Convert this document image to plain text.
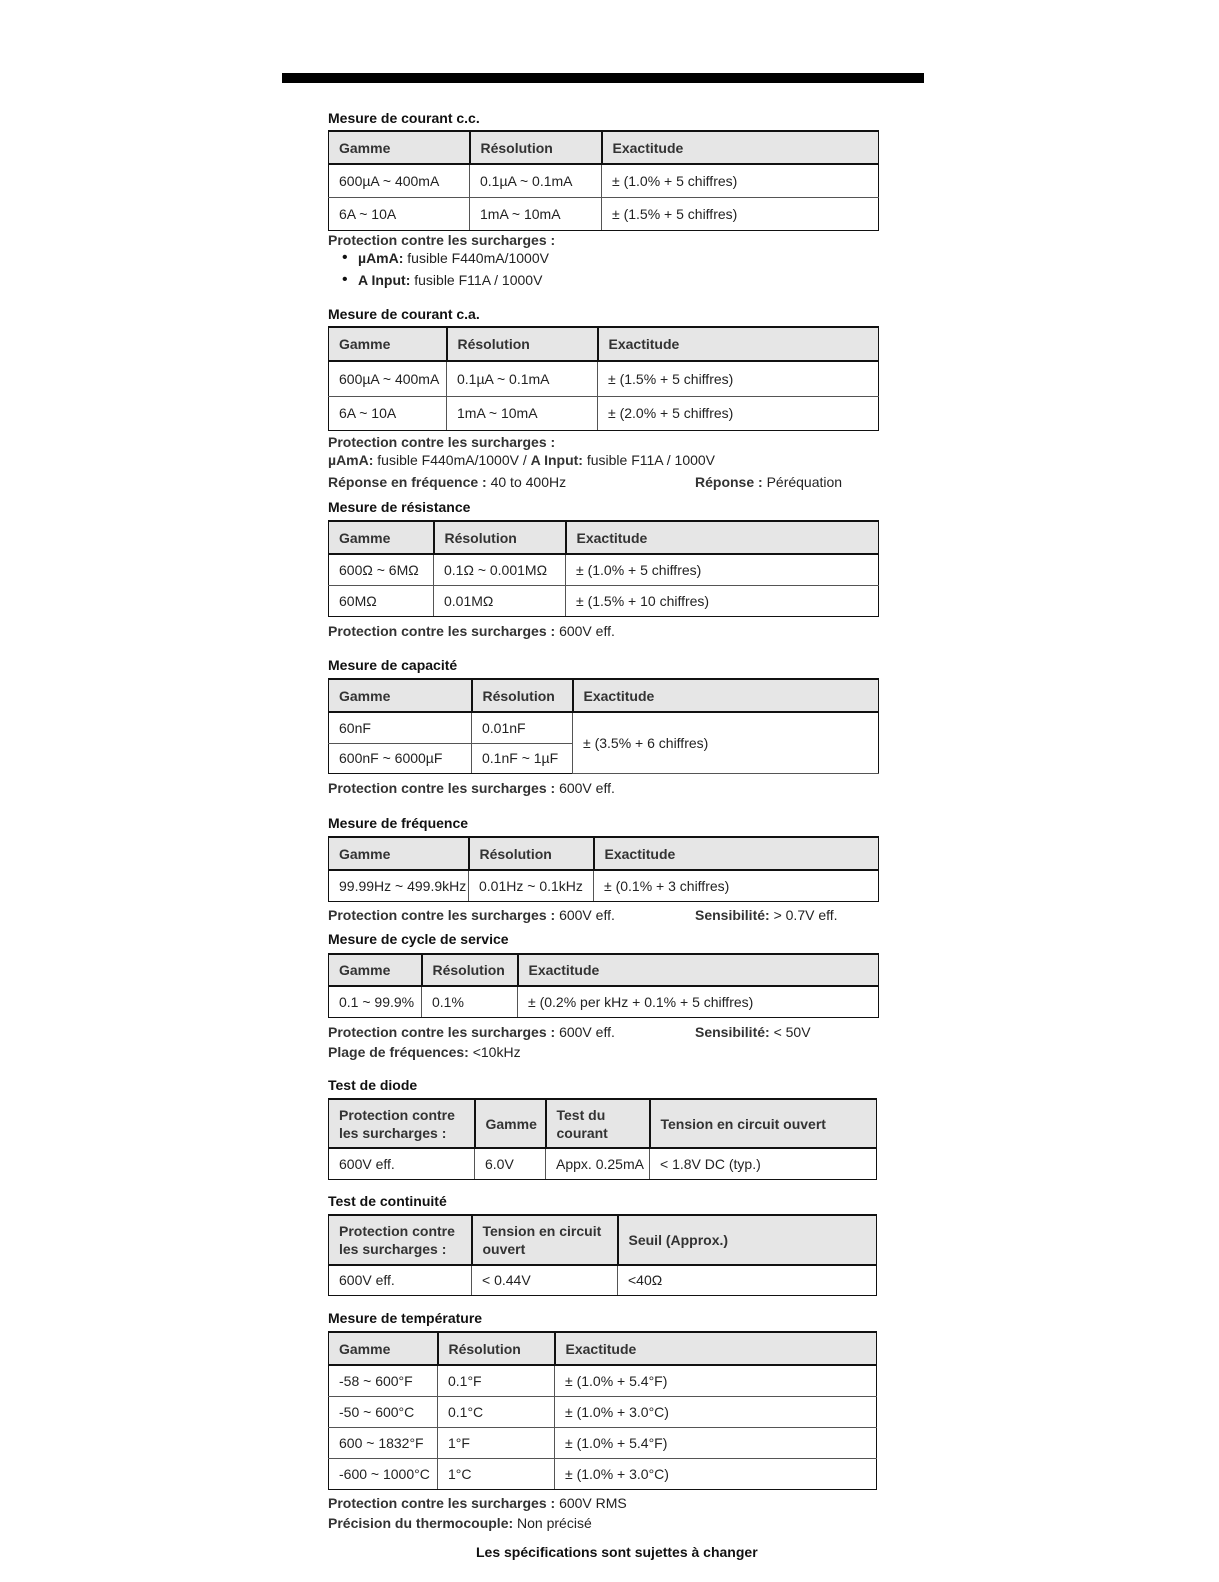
Mesure de courant c.c.
Gamme	Résolution	Exactitude
600µA ~ 400mA	0.1µA ~ 0.1mA	± (1.0% + 5 chiffres)
6A ~ 10A	1mA ~ 10mA	± (1.5% + 5 chiffres)
Protection contre les surcharges :
• µAmA: fusible F440mA/1000V
• A Input: fusible F11A / 1000V
Mesure de courant c.a.
Gamme	Résolution	Exactitude
600µA ~ 400mA	0.1µA ~ 0.1mA	± (1.5% + 5 chiffres)
6A ~ 10A	1mA ~ 10mA	± (2.0% + 5 chiffres)
Protection contre les surcharges :
µAmA: fusible F440mA/1000V / A Input: fusible F11A / 1000V
Réponse en fréquence : 40 to 400Hz	Réponse : Péréquation
Mesure de résistance
Gamme	Résolution	Exactitude
600Ω ~ 6MΩ	0.1Ω ~ 0.001MΩ	± (1.0% + 5 chiffres)
60MΩ	0.01MΩ	± (1.5% + 10 chiffres)
Protection contre les surcharges : 600V eff.
Mesure de capacité
Gamme	Résolution	Exactitude
60nF	0.01nF	± (3.5% + 6 chiffres)
600nF ~ 6000µF	0.1nF ~ 1µF	
Protection contre les surcharges : 600V eff.
Mesure de fréquence
Gamme	Résolution	Exactitude
99.99Hz ~ 499.9kHz	0.01Hz ~ 0.1kHz	± (0.1% + 3 chiffres)
Protection contre les surcharges : 600V eff.	Sensibilité: > 0.7V eff.
Mesure de cycle de service
Gamme	Résolution	Exactitude
0.1 ~ 99.9%	0.1%	± (0.2% per kHz + 0.1% + 5 chiffres)
Protection contre les surcharges : 600V eff.	Sensibilité: < 50V
Plage de fréquences: <10kHz
Test de diode
Protection contre les surcharges :	Gamme	Test du courant	Tension en circuit ouvert
600V eff.	6.0V	Appx. 0.25mA	< 1.8V DC (typ.)
Test de continuité
Protection contre les surcharges :	Tension en circuit ouvert	Seuil (Approx.)
600V eff.	< 0.44V	<40Ω
Mesure de température
Gamme	Résolution	Exactitude
-58 ~ 600°F	0.1°F	± (1.0% + 5.4°F)
-50 ~ 600°C	0.1°C	± (1.0% + 3.0°C)
600 ~ 1832°F	1°F	± (1.0% + 5.4°F)
-600 ~ 1000°C	1°C	± (1.0% + 3.0°C)
Protection contre les surcharges : 600V RMS
Précision du thermocouple: Non précisé
Les spécifications sont sujettes à changer
